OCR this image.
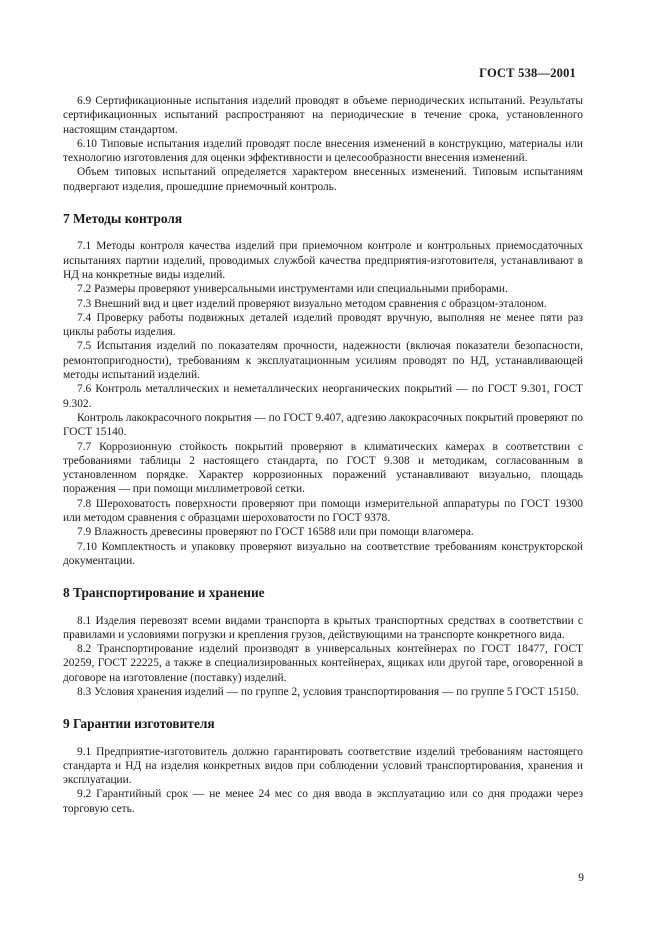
ГОСТ 538—2001

6.9 Сертификационные испытания изделий проводят в объеме периодических испытаний. Результаты сертификационных испытаний распространяют на периодические в течение срока, установленного настоящим стандартом.

6.10 Типовые испытания изделий проводят после внесения изменений в конструкцию, материалы или технологию изготовления для оценки эффективности и целесообразности внесения изменений.

Объем типовых испытаний определяется характером внесенных изменений. Типовым испытаниям подвергают изделия, прошедшие приемочный контроль.

7 Методы контроля

7.1 Методы контроля качества изделий при приемочном контроле и контрольных приемосдаточных испытаниях партии изделий, проводимых службой качества предприятия-изготовителя, устанавливают в НД на конкретные виды изделий.

7.2 Размеры проверяют универсальными инструментами или специальными приборами.

7.3 Внешний вид и цвет изделий проверяют визуально методом сравнения с образцом-эталоном.

7.4 Проверку работы подвижных деталей изделий проводят вручную, выполняя не менее пяти раз циклы работы изделия.

7.5 Испытания изделий по показателям прочности, надежности (включая показатели безопасности, ремонтопригодности), требованиям к эксплуатационным усилиям проводят по НД, устанавливающей методы испытаний изделий.

7.6 Контроль металлических и неметаллических неорганических покрытий — по ГОСТ 9.301, ГОСТ 9.302.

Контроль лакокрасочного покрытия — по ГОСТ 9.407, адгезию лакокрасочных покрытий проверяют по ГОСТ 15140.

7.7 Коррозионную стойкость покрытий проверяют в климатических камерах в соответствии с требованиями таблицы 2 настоящего стандарта, по ГОСТ 9.308 и методикам, согласованным в установленном порядке. Характер коррозионных поражений устанавливают визуально, площадь поражения — при помощи миллиметровой сетки.

7.8 Шероховатость поверхности проверяют при помощи измерительной аппаратуры по ГОСТ 19300 или методом сравнения с образцами шероховатости по ГОСТ 9378.

7.9 Влажность древесины проверяют по ГОСТ 16588 или при помощи влагомера.

7.10 Комплектность и упаковку проверяют визуально на соответствие требованиям конструкторской документации.

8 Транспортирование и хранение

8.1 Изделия перевозят всеми видами транспорта в крытых транспортных средствах в соответствии с правилами и условиями погрузки и крепления грузов, действующими на транспорте конкретного вида.

8.2 Транспортирование изделий производят в универсальных контейнерах по ГОСТ 18477, ГОСТ 20259, ГОСТ 22225, а также в специализированных контейнерах, ящиках или другой таре, оговоренной в договоре на изготовление (поставку) изделий.

8.3 Условия хранения изделий — по группе 2, условия транспортирования — по группе 5 ГОСТ 15150.

9 Гарантии изготовителя

9.1 Предприятие-изготовитель должно гарантировать соответствие изделий требованиям настоящего стандарта и НД на изделия конкретных видов при соблюдении условий транспортирования, хранения и эксплуатации.

9.2 Гарантийный срок — не менее 24 мес со дня ввода в эксплуатацию или со дня продажи через торговую сеть.

9
